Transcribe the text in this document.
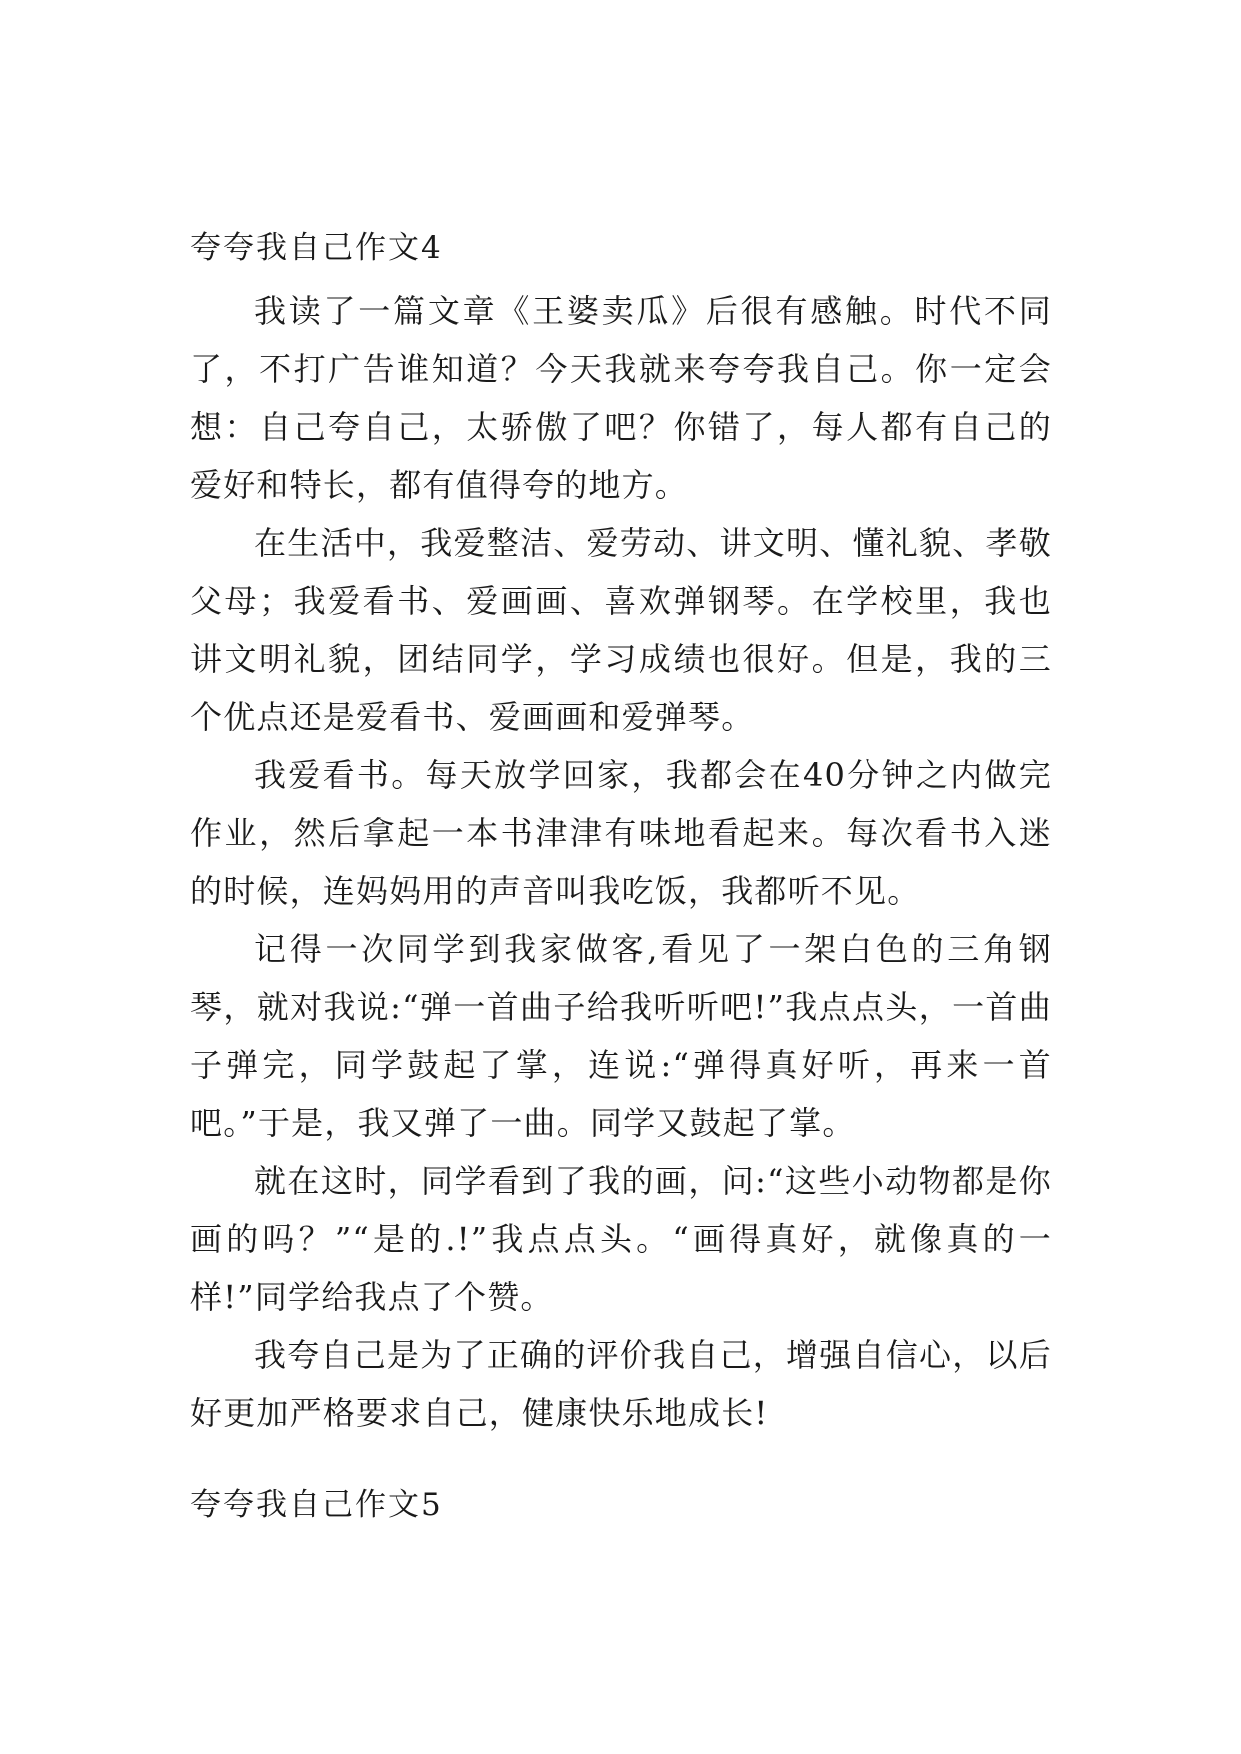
夸夸我自己作文4

我读了一篇文章《王婆卖瓜》后很有感触。时代不同了，不打广告谁知道？今天我就来夸夸我自己。你一定会想：自己夸自己，太骄傲了吧？你错了，每人都有自己的爱好和特长，都有值得夸的地方。

在生活中，我爱整洁、爱劳动、讲文明、懂礼貌、孝敬父母；我爱看书、爱画画、喜欢弹钢琴。在学校里，我也讲文明礼貌，团结同学，学习成绩也很好。但是，我的三个优点还是爱看书、爱画画和爱弹琴。

我爱看书。每天放学回家，我都会在40分钟之内做完作业，然后拿起一本书津津有味地看起来。每次看书入迷的时候，连妈妈用的声音叫我吃饭，我都听不见。

记得一次同学到我家做客,看见了一架白色的三角钢琴，就对我说:“弹一首曲子给我听听吧!”我点点头，一首曲子弹完，同学鼓起了掌，连说:“弹得真好听，再来一首吧。”于是，我又弹了一曲。同学又鼓起了掌。

就在这时，同学看到了我的画，问:“这些小动物都是你画的吗？”“是的.!”我点点头。“画得真好，就像真的一样!”同学给我点了个赞。

我夸自己是为了正确的评价我自己，增强自信心，以后好更加严格要求自己，健康快乐地成长!

夸夸我自己作文5
